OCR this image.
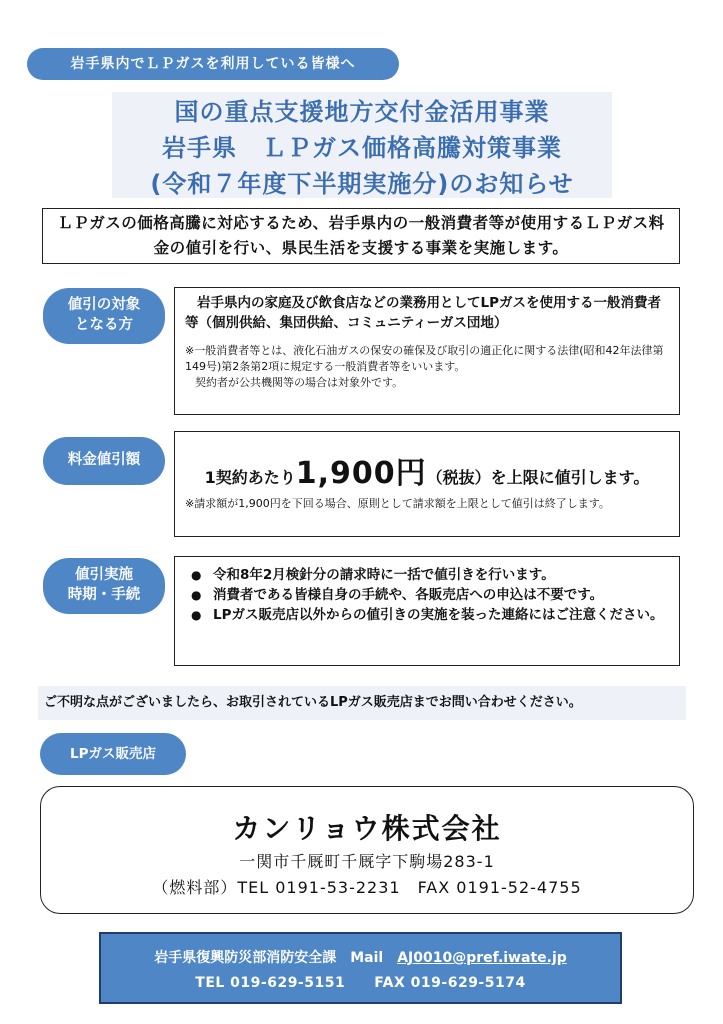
岩手県内でＬＰガスを利用している皆様へ
国の重点支援地方交付金活用事業
岩手県　ＬＰガス価格高騰対策事業
(令和７年度下半期実施分)のお知らせ
ＬＰガスの価格高騰に対応するため、岩手県内の一般消費者等が使用するＬＰガス料金の値引を行い、県民生活を支援する事業を実施します。
値引の対象
となる方
岩手県内の家庭及び飲食店などの業務用としてLPガスを使用する一般消費者等（個別供給、集団供給、コミュニティーガス団地）
※一般消費者等とは、液化石油ガスの保安の確保及び取引の適正化に関する法律(昭和42年法律第149号)第2条第2項に規定する一般消費者等をいいます。
契約者が公共機関等の場合は対象外です。
料金値引額
1契約あたり1,900円（税抜）を上限に値引します。
※請求額が1,900円を下回る場合、原則として請求額を上限として値引は終了します。
値引実施
時期・手続
● 令和8年2月検針分の請求時に一括で値引きを行います。
● 消費者である皆様自身の手続や、各販売店への申込は不要です。
● LPガス販売店以外からの値引きの実施を装った連絡にはご注意ください。
ご不明な点がございましたら、お取引されているLPガス販売店までお問い合わせください。
LPガス販売店
カンリョウ株式会社
一関市千厩町千厩字下駒場283-1
（燃料部）TEL 0191-53-2231　FAX 0191-52-4755
岩手県復興防災部消防安全課　 Mail　 AJ0010@pref.iwate.jp
TEL 019-629-5151　　 FAX 019-629-5174
